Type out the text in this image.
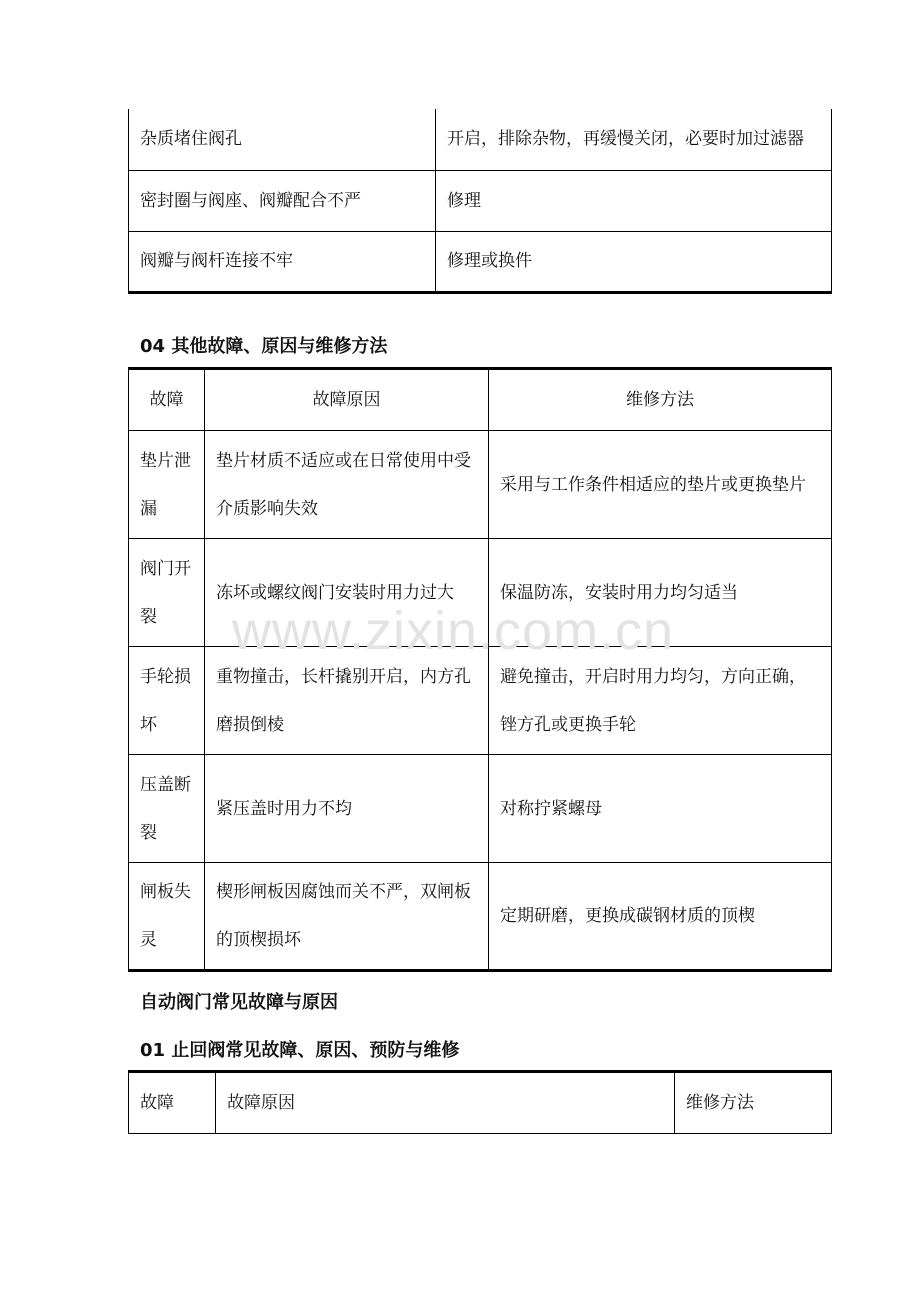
杂质堵住阀孔	开启，排除杂物，再缓慢关闭，必要时加过滤器
密封圈与阀座、阀瓣配合不严	修理
阀瓣与阀杆连接不牢	修理或换件
04 其他故障、原因与维修方法
故障	故障原因	维修方法
垫片泄漏	垫片材质不适应或在日常使用中受介质影响失效	采用与工作条件相适应的垫片或更换垫片
阀门开裂	冻坏或螺纹阀门安装时用力过大	保温防冻，安装时用力均匀适当
手轮损坏	重物撞击，长杆撬别开启，内方孔磨损倒棱	避免撞击，开启时用力均匀，方向正确，锉方孔或更换手轮
压盖断裂	紧压盖时用力不均	对称拧紧螺母
闸板失灵	楔形闸板因腐蚀而关不严，双闸板的顶楔损坏	定期研磨，更换成碳钢材质的顶楔
自动阀门常见故障与原因
01 止回阀常见故障、原因、预防与维修
故障	故障原因	维修方法
www.zixin.com.cn
